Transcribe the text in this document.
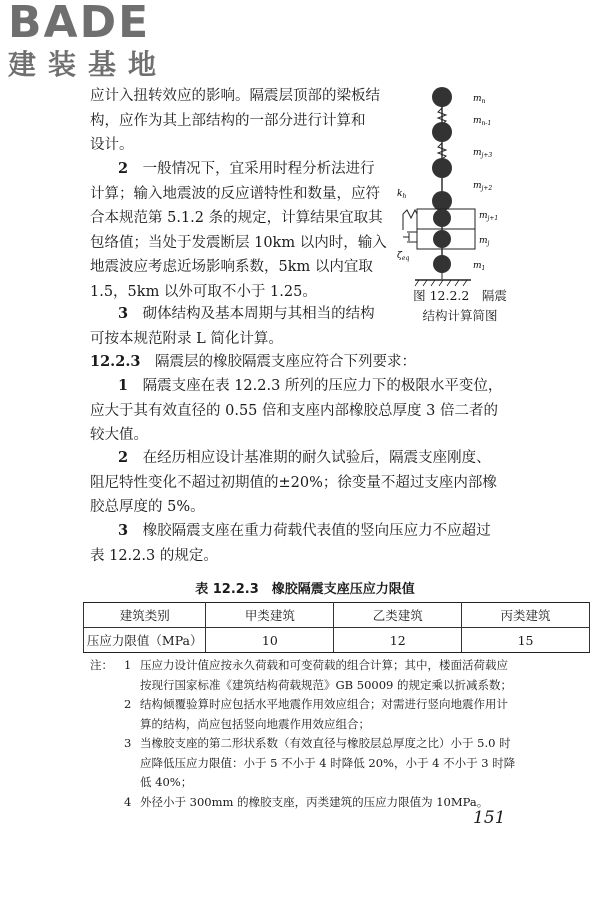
BADE
建装基地

应计入扭转效应的影响。隔震层顶部的梁板结

构，应作为其上部结构的一部分进行计算和

设计。

2　 一般情况下，宜采用时程分析法进行

计算；输入地震波的反应谱特性和数量，应符

合本规范第 5.1.2 条的规定，计算结果宜取其

包络值；当处于发震断层 10km 以内时，输入

地震波应考虑近场影响系数，5km 以内宜取

1.5，5km 以外可取不小于 1.25。

3　 砌体结构及基本周期与其相当的结构

可按本规范附录 L 简化计算。

$m_n$
$m_{n-1}$
$m_{j+3}$
$m_{j+2}$
$m_{j+1}$
$m_j$
$m_1$
$k_h$
$\zeta_{eq}$
图 12.2.2　隔震
结构计算简图

12.2.3　 隔震层的橡胶隔震支座应符合下列要求：

1　 隔震支座在表 12.2.3 所列的压应力下的极限水平变位，

应大于其有效直径的 0.55 倍和支座内部橡胶总厚度 3 倍二者的

较大值。

2　 在经历相应设计基准期的耐久试验后，隔震支座刚度、

阻尼特性变化不超过初期值的±20%；徐变量不超过支座内部橡

胶总厚度的 5%。

3　 橡胶隔震支座在重力荷载代表值的竖向压应力不应超过

表 12.2.3 的规定。

表 12.2.3　橡胶隔震支座压应力限值
建筑类别	甲类建筑	乙类建筑	丙类建筑
压应力限值（MPa）	10	12	15
注： 1 压应力设计值应按永久荷载和可变荷载的组合计算；其中，楼面活荷载应
按现行国家标准《建筑结构荷载规范》GB 50009 的规定乘以折减系数；
2 结构倾覆验算时应包括水平地震作用效应组合；对需进行竖向地震作用计
算的结构，尚应包括竖向地震作用效应组合；
3 当橡胶支座的第二形状系数（有效直径与橡胶层总厚度之比）小于 5.0 时
应降低压应力限值：小于 5 不小于 4 时降低 20%，小于 4 不小于 3 时降
低 40%；
4 外径小于 300mm 的橡胶支座，丙类建筑的压应力限值为 10MPa。
151
